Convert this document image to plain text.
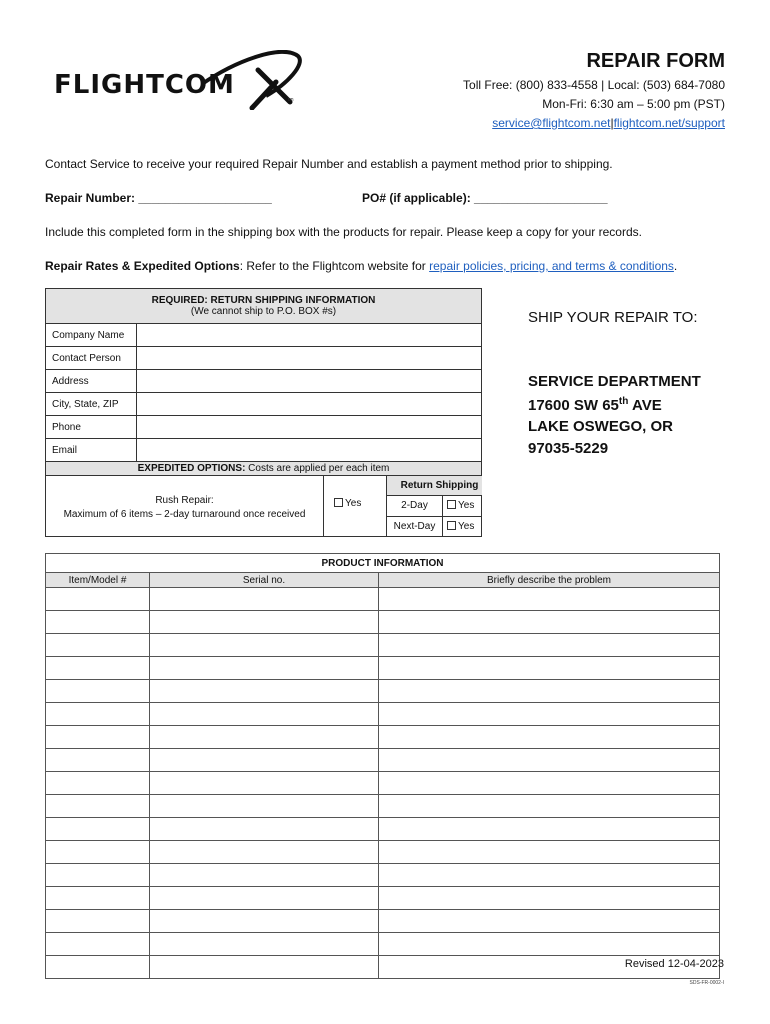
FLIGHTCOM	tm
REPAIR FORM
Toll Free: (800) 833-4558 | Local: (503) 684-7080
Mon-Fri: 6:30 am – 5:00 pm (PST)
service@flightcom.net|flightcom.net/support
Contact Service to receive your required Repair Number and establish a payment method prior to shipping.
Repair Number: ____________________	PO# (if applicable): ____________________
Include this completed form in the shipping box with the products for repair. Please keep a copy for your records.
Repair Rates & Expedited Options: Refer to the Flightcom website for repair policies, pricing, and terms & conditions.
REQUIRED: RETURN SHIPPING INFORMATION
(We cannot ship to P.O. BOX #s)	

Company Name	
Contact Person	
Address	
City, State, ZIP	
Phone	
Email	
EXPEDITED OPTIONS: Costs are applied per each item	
Rush Repair:
Maximum of 6 items – 2-day turnaround once received
Yes
Return Shipping
2-Day	Yes
Next-Day	Yes
SHIP YOUR REPAIR TO:
SERVICE DEPARTMENT
17600 SW 65th AVE
LAKE OSWEGO, OR
97035-5229
PRODUCT INFORMATION		
Item/Model #	Serial no.	Briefly describe the problem

Revised 12-04-2023
SDS-FR-0002-I
